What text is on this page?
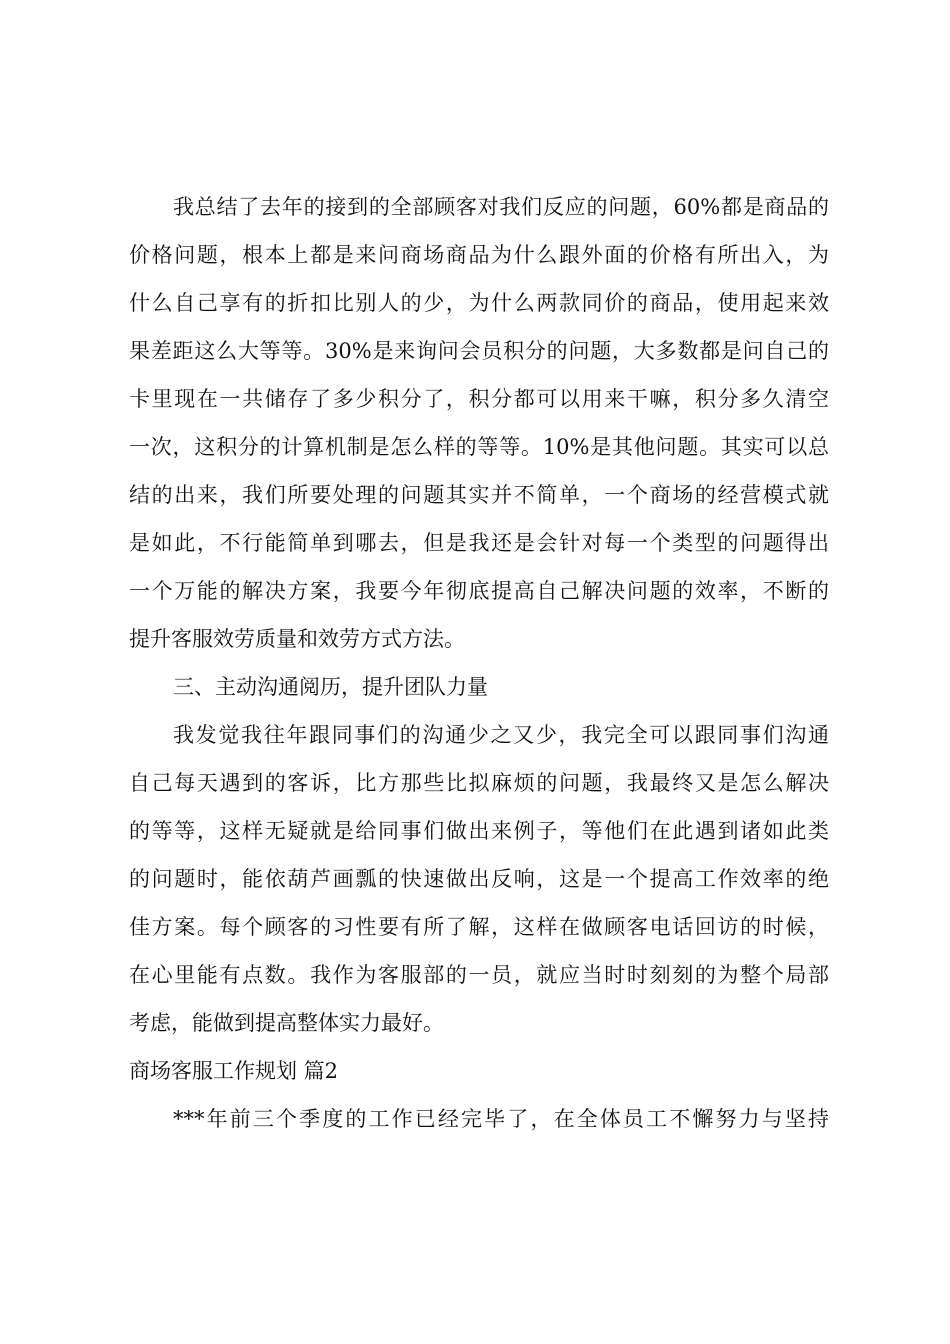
我总结了去年的接到的全部顾客对我们反应的问题，60%都是商品的
价格问题，根本上都是来问商场商品为什么跟外面的价格有所出入，为
什么自己享有的折扣比别人的少，为什么两款同价的商品，使用起来效
果差距这么大等等。30%是来询问会员积分的问题，大多数都是问自己的
卡里现在一共储存了多少积分了，积分都可以用来干嘛，积分多久清空
一次，这积分的计算机制是怎么样的等等。10%是其他问题。其实可以总
结的出来，我们所要处理的问题其实并不简单，一个商场的经营模式就
是如此，不行能简单到哪去，但是我还是会针对每一个类型的问题得出
一个万能的解决方案，我要今年彻底提高自己解决问题的效率，不断的
提升客服效劳质量和效劳方式方法。
三、主动沟通阅历，提升团队力量
我发觉我往年跟同事们的沟通少之又少，我完全可以跟同事们沟通
自己每天遇到的客诉，比方那些比拟麻烦的问题，我最终又是怎么解决
的等等，这样无疑就是给同事们做出来例子，等他们在此遇到诸如此类
的问题时，能依葫芦画瓢的快速做出反响，这是一个提高工作效率的绝
佳方案。每个顾客的习性要有所了解，这样在做顾客电话回访的时候，
在心里能有点数。我作为客服部的一员，就应当时时刻刻的为整个局部
考虑，能做到提高整体实力最好。
商场客服工作规划 篇2
***年前三个季度的工作已经完毕了，在全体员工不懈努力与坚持
